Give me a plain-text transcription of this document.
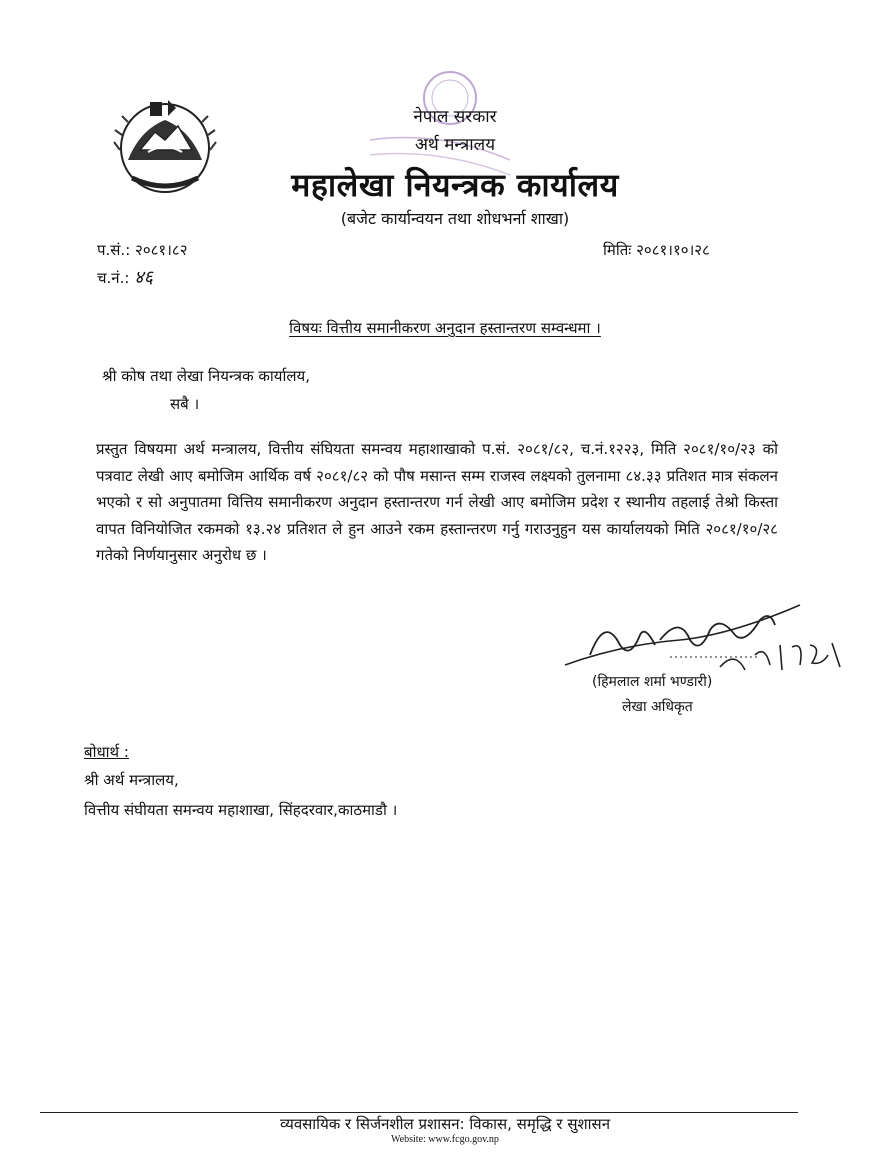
नेपाल सरकार
अर्थ मन्त्रालय
महालेखा नियन्त्रक कार्यालय
(बजेट कार्यान्वयन तथा शोधभर्ना शाखा)
प.सं.: २०८१।८२
च.नं.: ४६
मितिः २०८१।१०।२८
विषयः वित्तीय समानीकरण अनुदान हस्तान्तरण सम्वन्धमा ।
श्री कोष तथा लेखा नियन्त्रक कार्यालय,
सबै ।
प्रस्तुत विषयमा अर्थ मन्त्रालय, वित्तीय संघियता समन्वय महाशाखाको प.सं. २०८१/८२, च.नं.१२२३, मिति २०८१/१०/२३ को पत्रवाट लेखी आए बमोजिम आर्थिक वर्ष २०८१/८२ को पौष मसान्त सम्म राजस्व लक्ष्यको तुलनामा ८४.३३ प्रतिशत मात्र संकलन भएको र सो अनुपातमा वित्तिय समानीकरण अनुदान हस्तान्तरण गर्न लेखी आए बमोजिम प्रदेश र स्थानीय तहलाई तेश्रो किस्ता वापत विनियोजित रकमको १३.२४ प्रतिशत ले हुन आउने रकम हस्तान्तरण गर्नु गराउनुहुन यस कार्यालयको मिति २०८१/१०/२८ गतेको निर्णयानुसार अनुरोध छ ।
(हिमलाल शर्मा भण्डारी)
लेखा अधिकृत
बोधार्थ :
श्री अर्थ मन्त्रालय,
वित्तीय संघीयता समन्वय महाशाखा, सिंहदरवार,काठमाडौ ।
व्यवसायिक र सिर्जनशील प्रशासन: विकास, समृद्धि र सुशासन
Website: www.fcgo.gov.np
